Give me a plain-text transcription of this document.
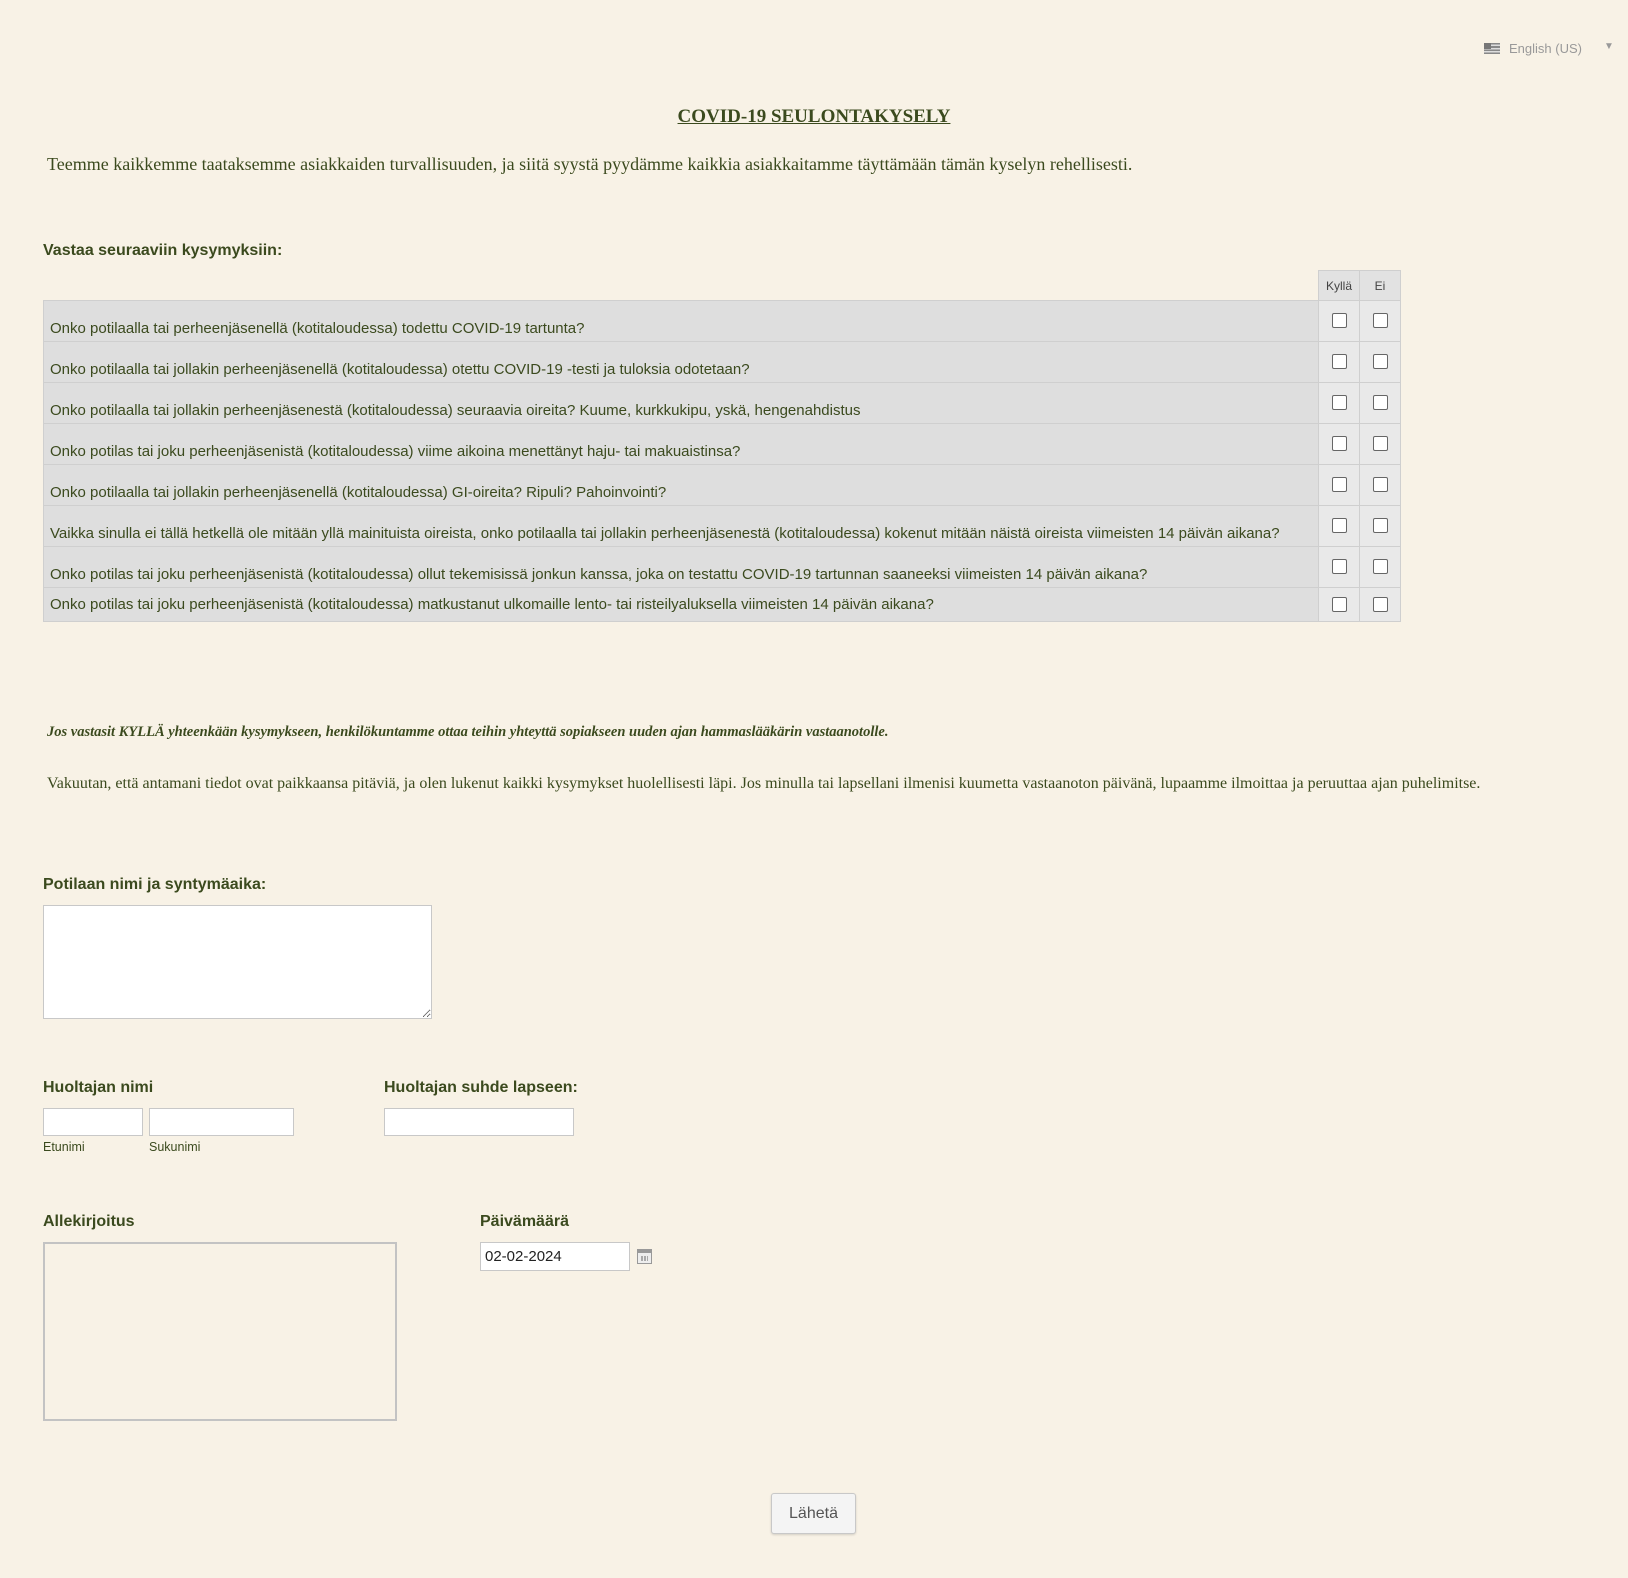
English (US) ▼
COVID-19 SEULONTAKYSELY
Teemme kaikkemme taataksemme asiakkaiden turvallisuuden, ja siitä syystä pyydämme kaikkia asiakkaitamme täyttämään tämän kyselyn rehellisesti.
Vastaa seuraaviin kysymyksiin:
	Kyllä	Ei
Onko potilaalla tai perheenjäsenellä (kotitaloudessa) todettu COVID-19 tartunta?		
Onko potilaalla tai jollakin perheenjäsenellä (kotitaloudessa) otettu COVID-19 -testi ja tuloksia odotetaan?		
Onko potilaalla tai jollakin perheenjäsenestä (kotitaloudessa) seuraavia oireita? Kuume, kurkkukipu, yskä, hengenahdistus		
Onko potilas tai joku perheenjäsenistä (kotitaloudessa) viime aikoina menettänyt haju- tai makuaistinsa?		
Onko potilaalla tai jollakin perheenjäsenellä (kotitaloudessa) GI-oireita? Ripuli? Pahoinvointi?		
Vaikka sinulla ei tällä hetkellä ole mitään yllä mainituista oireista, onko potilaalla tai jollakin perheenjäsenestä (kotitaloudessa) kokenut mitään näistä oireista viimeisten 14 päivän aikana?		
Onko potilas tai joku perheenjäsenistä (kotitaloudessa) ollut tekemisissä jonkun kanssa, joka on testattu COVID-19 tartunnan saaneeksi viimeisten 14 päivän aikana?		
Onko potilas tai joku perheenjäsenistä (kotitaloudessa) matkustanut ulkomaille lento- tai risteilyaluksella viimeisten 14 päivän aikana?		
Jos vastasit KYLLÄ yhteenkään kysymykseen, henkilökuntamme ottaa teihin yhteyttä sopiakseen uuden ajan hammaslääkärin vastaanotolle.
Vakuutan, että antamani tiedot ovat paikkaansa pitäviä, ja olen lukenut kaikki kysymykset huolellisesti läpi. Jos minulla tai lapsellani ilmenisi kuumetta vastaanoton päivänä, lupaamme ilmoittaa ja peruuttaa ajan puhelimitse.
Potilaan nimi ja syntymäaika:
Huoltajan nimi
Etunimi	Sukunimi
Huoltajan suhde lapseen:
Allekirjoitus	Päivämäärä
02-02-2024
Lähetä
